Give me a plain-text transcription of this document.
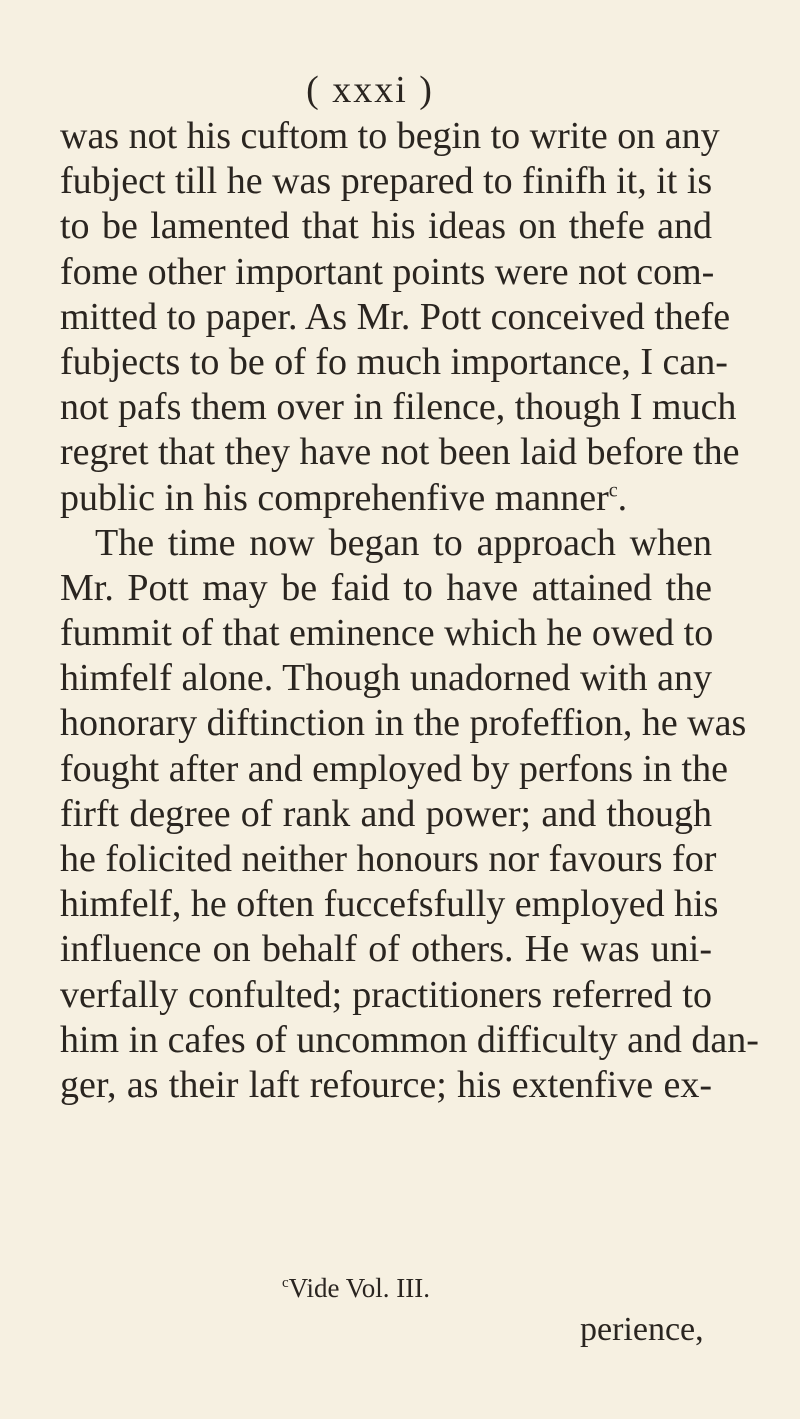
( xxxi )
was not his cuftom to begin to write on any
fubject till he was prepared to finifh it, it is
to be lamented that his ideas on thefe and
fome other important points were not com-
mitted to paper. As Mr. Pott conceived thefe
fubjects to be of fo much importance, I can-
not pafs them over in filence, though I much
regret that they have not been laid before the
public in his comprehenfive manner$^c$.
The time now began to approach when
Mr. Pott may be faid to have attained the
fummit of that eminence which he owed to
himfelf alone. Though unadorned with any
honorary diftinction in the profeffion, he was
fought after and employed by perfons in the
firft degree of rank and power; and though
he folicited neither honours nor favours for
himfelf, he often fuccefsfully employed his
influence on behalf of others. He was uni-
verfally confulted; practitioners referred to
him in cafes of uncommon difficulty and dan-
ger, as their laft refource; his extenfive ex-
$^c$Vide Vol. III.
perience,
